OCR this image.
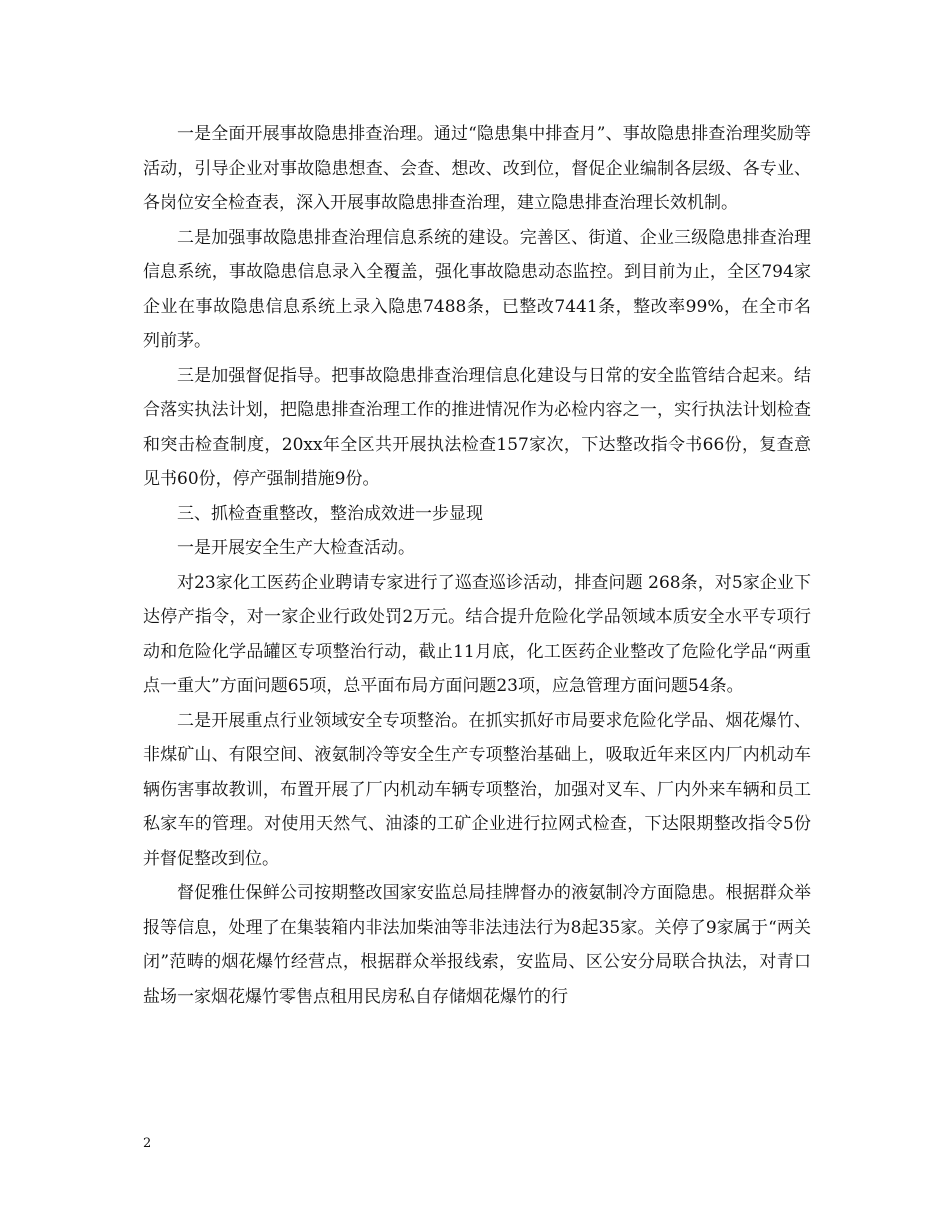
一是全面开展事故隐患排查治理。通过“隐患集中排查月”、事故隐患排查治理奖励等活动，引导企业对事故隐患想查、会查、想改、改到位，督促企业编制各层级、各专业、各岗位安全检查表，深入开展事故隐患排查治理，建立隐患排查治理长效机制。

二是加强事故隐患排查治理信息系统的建设。完善区、街道、企业三级隐患排查治理信息系统，事故隐患信息录入全覆盖，强化事故隐患动态监控。到目前为止，全区794家企业在事故隐患信息系统上录入隐患7488条，已整改7441条，整改率99%，在全市名列前茅。

三是加强督促指导。把事故隐患排查治理信息化建设与日常的安全监管结合起来。结合落实执法计划，把隐患排查治理工作的推进情况作为必检内容之一，实行执法计划检查和突击检查制度，20xx年全区共开展执法检查157家次，下达整改指令书66份，复查意见书60份，停产强制措施9份。

三、抓检查重整改，整治成效进一步显现

一是开展安全生产大检查活动。

对23家化工医药企业聘请专家进行了巡查巡诊活动，排查问题 268条，对5家企业下达停产指令，对一家企业行政处罚2万元。结合提升危险化学品领域本质安全水平专项行动和危险化学品罐区专项整治行动，截止11月底，化工医药企业整改了危险化学品“两重点一重大”方面问题65项，总平面布局方面问题23项，应急管理方面问题54条。

二是开展重点行业领域安全专项整治。在抓实抓好市局要求危险化学品、烟花爆竹、非煤矿山、有限空间、液氨制冷等安全生产专项整治基础上，吸取近年来区内厂内机动车辆伤害事故教训，布置开展了厂内机动车辆专项整治，加强对叉车、厂内外来车辆和员工私家车的管理。对使用天然气、油漆的工矿企业进行拉网式检查，下达限期整改指令5份并督促整改到位。

督促雅仕保鲜公司按期整改国家安监总局挂牌督办的液氨制冷方面隐患。根据群众举报等信息，处理了在集装箱内非法加柴油等非法违法行为8起35家。关停了9家属于“两关闭”范畴的烟花爆竹经营点，根据群众举报线索，安监局、区公安分局联合执法，对青口盐场一家烟花爆竹零售点租用民房私自存储烟花爆竹的行

2
